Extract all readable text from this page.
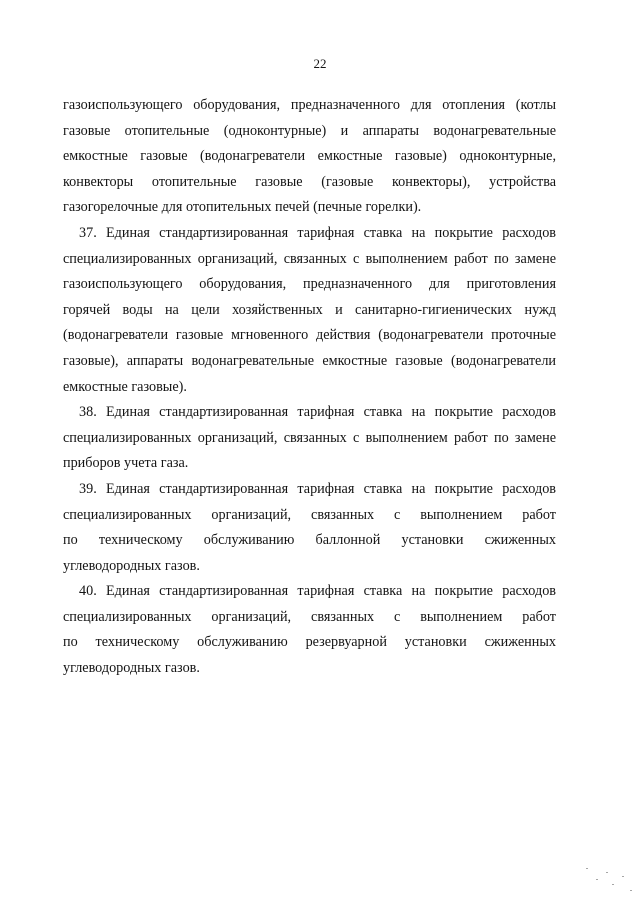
22
газоиспользующего оборудования, предназначенного для отопления (котлы
газовые отопительные (одноконтурные) и аппараты водонагревательные
емкостные газовые (водонагреватели емкостные газовые) одноконтурные,
конвекторы отопительные газовые (газовые конвекторы), устройства
газогорелочные для отопительных печей (печные горелки).
37. Единая стандартизированная тарифная ставка на покрытие расходов
специализированных организаций, связанных с выполнением работ по замене
газоиспользующего оборудования, предназначенного для приготовления
горячей воды на цели хозяйственных и санитарно-гигиенических нужд
(водонагреватели газовые мгновенного действия (водонагреватели проточные
газовые), аппараты водонагревательные емкостные газовые (водонагреватели
емкостные газовые).
38. Единая стандартизированная тарифная ставка на покрытие расходов
специализированных организаций, связанных с выполнением работ по замене
приборов учета газа.
39. Единая стандартизированная тарифная ставка на покрытие расходов
специализированных организаций, связанных с выполнением работ
по техническому обслуживанию баллонной установки сжиженных
углеводородных газов.
40. Единая стандартизированная тарифная ставка на покрытие расходов
специализированных организаций, связанных с выполнением работ
по техническому обслуживанию резервуарной установки сжиженных
углеводородных газов.
